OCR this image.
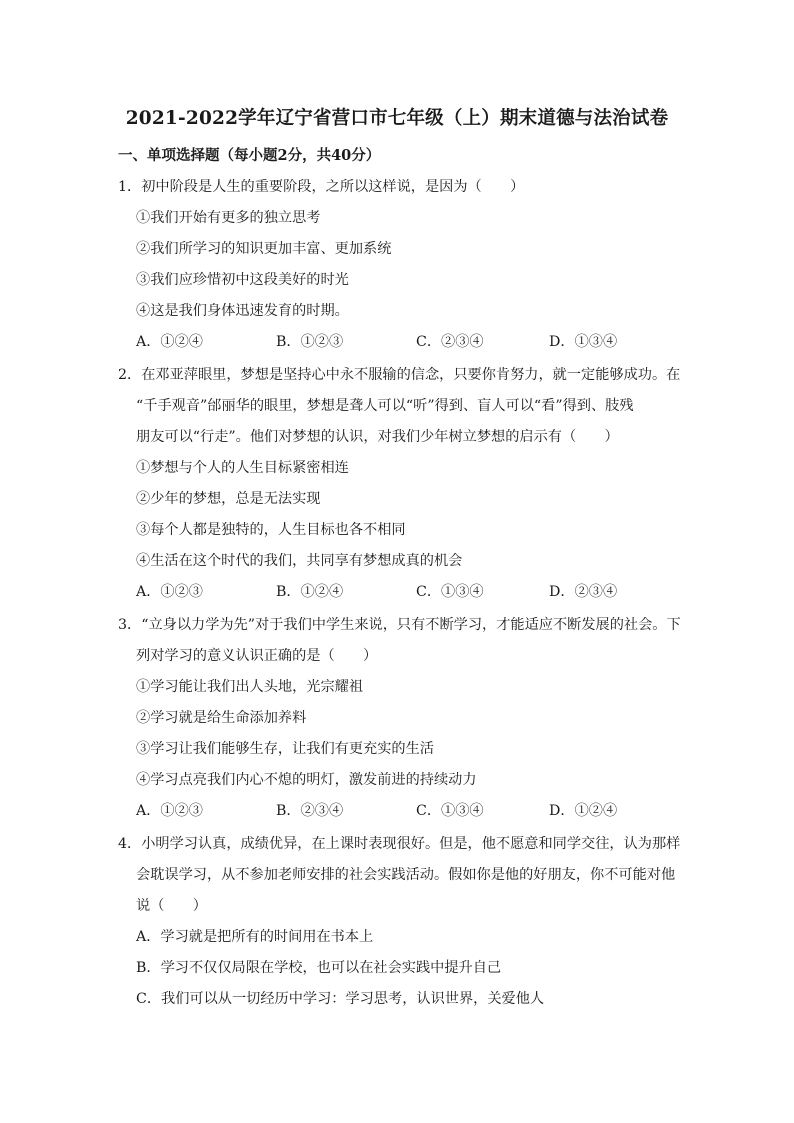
2021-2022学年辽宁省营口市七年级（上）期末道德与法治试卷
一、单项选择题（每小题2分，共40分）
1．初中阶段是人生的重要阶段，之所以这样说，是因为（　　）
①我们开始有更多的独立思考
②我们所学习的知识更加丰富、更加系统
③我们应珍惜初中这段美好的时光
④这是我们身体迅速发育的时期。
A．①②④	B．①②③	C．②③④	D．①③④
2．在邓亚萍眼里，梦想是坚持心中永不服输的信念，只要你肯努力，就一定能够成功。在
“千手观音”邰丽华的眼里，梦想是聋人可以“听”得到、盲人可以“看”得到、肢残
朋友可以“行走”。他们对梦想的认识，对我们少年树立梦想的启示有（　　）
①梦想与个人的人生目标紧密相连
②少年的梦想，总是无法实现
③每个人都是独特的，人生目标也各不相同
④生活在这个时代的我们，共同享有梦想成真的机会
A．①②③	B．①②④	C．①③④	D．②③④
3．“立身以力学为先”对于我们中学生来说，只有不断学习，才能适应不断发展的社会。下
列对学习的意义认识正确的是（　　）
①学习能让我们出人头地，光宗耀祖
②学习就是给生命添加养料
③学习让我们能够生存，让我们有更充实的生活
④学习点亮我们内心不熄的明灯，激发前进的持续动力
A．①②③	B．②③④	C．①③④	D．①②④
4．小明学习认真，成绩优异，在上课时表现很好。但是，他不愿意和同学交往，认为那样
会耽误学习，从不参加老师安排的社会实践活动。假如你是他的好朋友，你不可能对他
说（　　）
A．学习就是把所有的时间用在书本上
B．学习不仅仅局限在学校，也可以在社会实践中提升自己
C．我们可以从一切经历中学习：学习思考，认识世界，关爱他人
